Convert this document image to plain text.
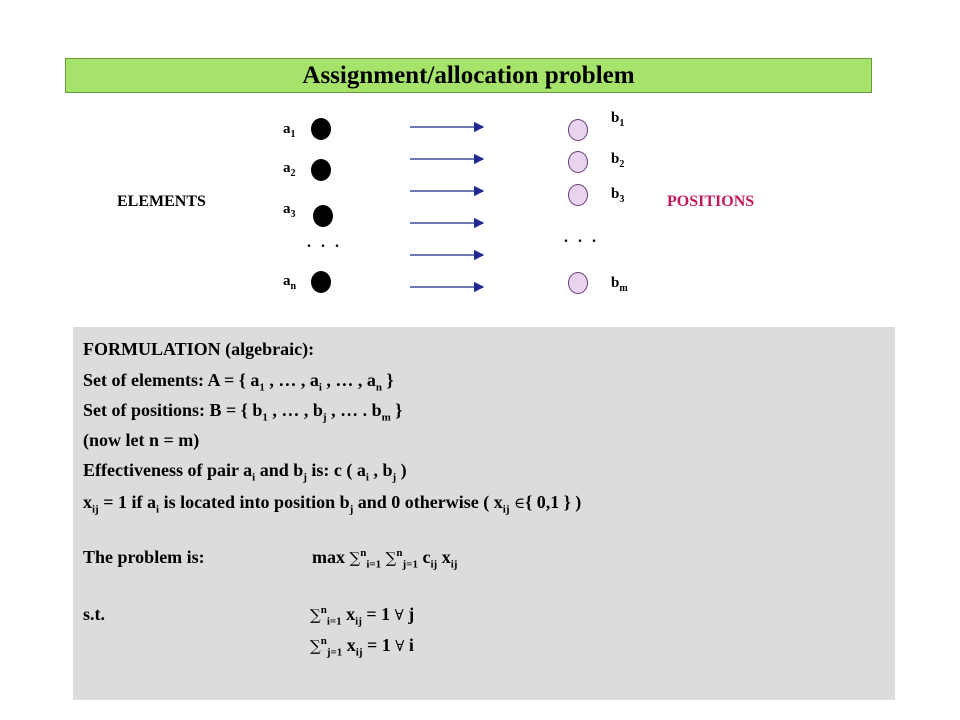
Assignment/allocation problem
ELEMENTS	POSITIONS
$a_1$
$a_2$
$a_3$
$a_n$
. . .	. . .
$b_1$
$b_2$
$b_3$
$b_m$
FORMULATION (algebraic):
Set of elements: A = { $a_1$ , … , $a_i$ , … , $a_n$ }
Set of positions: B = { $b_1$ , … , $b_j$ , … . $b_m$ }
(now let n = m)
Effectiveness of pair $a_i$ and $b_j$ is: c ( $a_i$ , $b_j$ )
$x_{ij} = 1$ if $a_i$ is located into position $b_j$ and 0 otherwise ( $x_{ij}$ ∈{ 0,1 } )
The problem is:	max ∑$^n_{i=1}$ ∑$^n_{j=1}$ $c_{ij}$ $x_{ij}$
s.t.	∑$^n_{i=1}$ $x_{ij} = 1$ ∀ j
∑$^n_{j=1}$ $x_{ij} = 1$ ∀ i
